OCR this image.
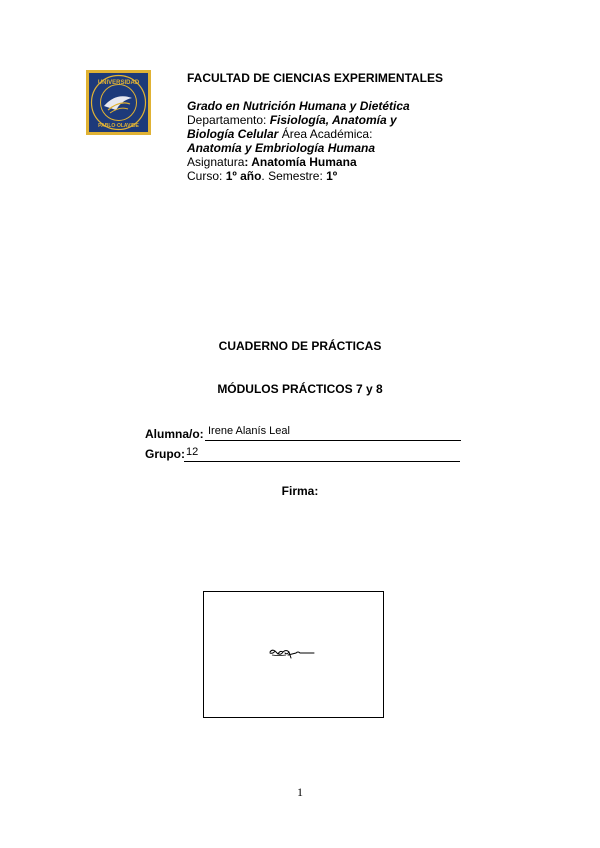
UNIVERSIDAD
PABLO·OLAVIDE
FACULTAD DE CIENCIAS EXPERIMENTALES
Grado en Nutrición Humana y Dietética
Departamento: Fisiología, Anatomía y
Biología Celular Área Académica:
Anatomía y Embriología Humana
Asignatura: Anatomía Humana
Curso: 1º año. Semestre: 1º
CUADERNO DE PRÁCTICAS
MÓDULOS PRÁCTICOS 7 y 8
Alumna/o: Irene Alanís Leal
Grupo: 12
Firma:
1
